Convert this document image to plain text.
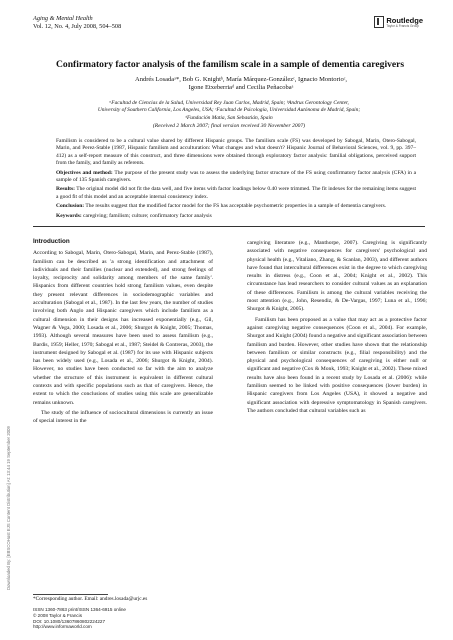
Aging & Mental Health
Vol. 12, No. 4, July 2008, 504–508
Routledge
Taylor & Francis Group
Downloaded By: [EBSCOHost EJS Content Distribution] At: 13:44 19 September 2009
Confirmatory factor analysis of the familism scale in a sample of dementia caregivers
Andrés Losadaᵃ*, Bob G. Knightᵇ, María Márquez-Gonzálezᶜ, Ignacio Montorioᶜ,
Igone Etxeberriaᵈ and Cecilia Peñacobaᵃ
ᵃFacultad de Ciencias de la Salud, Universidad Rey Juan Carlos, Madrid, Spain; ᵇAndrus Gerontology Center,
University of Southern California, Los Angeles, USA; ᶜFacultad de Psicología, Universidad Autónoma de Madrid, Spain;
ᵈFundación Matia, San Sebastián, Spain
(Received 2 March 2007; final version received 30 November 2007)

Familism is considered to be a cultural value shared by different Hispanic groups. The familism scale (FS) was developed by Sabogal, Marin, Otero-Sabogal, Marin, and Perez-Stable (1987, Hispanic familism and acculturation: What changes and what doesn't? Hispanic Journal of Behavioral Sciences, vol. 9, pp. 397–412) as a self-report measure of this construct, and three dimensions were obtained through exploratory factor analysis: familial obligations, perceived support from the family, and family as referents.

Objectives and method: The purpose of the present study was to assess the underlying factor structure of the FS using confirmatory factor analysis (CFA) in a sample of 135 Spanish caregivers.

Results: The original model did not fit the data well, and five items with factor loadings below 0.40 were trimmed. The fit indexes for the remaining items suggest a good fit of this model and an acceptable internal consistency index.

Conclusion: The results suggest that the modified factor model for the FS has acceptable psychometric properties in a sample of dementia caregivers.

Keywords: caregiving; familism; culture; confirmatory factor analysis

Introduction

According to Sabogal, Marin, Otero-Sabogal, Marin, and Perez-Stable (1987), familism can be described as 'a strong identification and attachment of individuals and their families (nuclear and extended), and strong feelings of loyalty, reciprocity and solidarity among members of the same family'. Hispanics from different countries hold strong familism values, even despite they present relevant differences in sociodemographic variables and acculturation (Sabogal et al., 1987). In the last few years, the number of studies involving both Anglo and Hispanic caregivers which include familism as a cultural dimension in their designs has increased exponentially (e.g., Gil, Wagner & Vega, 2000; Losada et al., 2006; Shurgot & Knight, 2005; Thomas, 1993). Although several measures have been used to assess familism (e.g., Bardis, 1959; Heller, 1970; Sabogal et al., 1987; Steidel & Contreras, 2003), the instrument designed by Sabogal et al. (1987) for its use with Hispanic subjects has been widely used (e.g., Losada et al., 2006; Shurgot & Knight, 2004). However, no studies have been conducted so far with the aim to analyze whether the structure of this instrument is equivalent in different cultural contexts and with specific populations such as that of caregivers. Hence, the extent to which the conclusions of studies using this scale are generalizable remains unknown.

The study of the influence of sociocultural dimensions is currently an issue of special interest in the

caregiving literature (e.g., Manthorpe, 2007). Caregiving is significantly associated with negative consequences for caregivers' psychological and physical health (e.g., Vitaliano, Zhang, & Scanlan, 2003), and different authors have found that intercultural differences exist in the degree to which caregiving results in distress (e.g., Coon et al., 2004; Knight et al., 2002). This circumstance has lead researchers to consider cultural values as an explanation of these differences. Familism is among the cultural variables receiving the most attention (e.g., John, Resendiz, & De-Vargas, 1997; Luna et al., 1996; Shurgot & Knight, 2005).

Familism has been proposed as a value that may act as a protective factor against caregiving negative consequences (Coon et al., 2004). For example, Shurgot and Knight (2004) found a negative and significant association between familism and burden. However, other studies have shown that the relationship between familism or similar constructs (e.g., filial responsibility) and the physical and psychological consequences of caregiving is either null or significant and negative (Cox & Monk, 1993; Knight et al., 2002). These mixed results have also been found in a recent study by Losada et al. (2006): while familism seemed to be linked with positive consequences (lower burden) in Hispanic caregivers from Los Angeles (USA), it showed a negative and significant association with depressive symptomatology in Spanish caregivers. The authors concluded that cultural variables such as

*Corresponding author. Email: andres.losada@urjc.es
ISSN 1360-7863 print/ISSN 1364-6915 online
© 2008 Taylor & Francis
DOI: 10.1080/13607860802224227
http://www.informaworld.com
